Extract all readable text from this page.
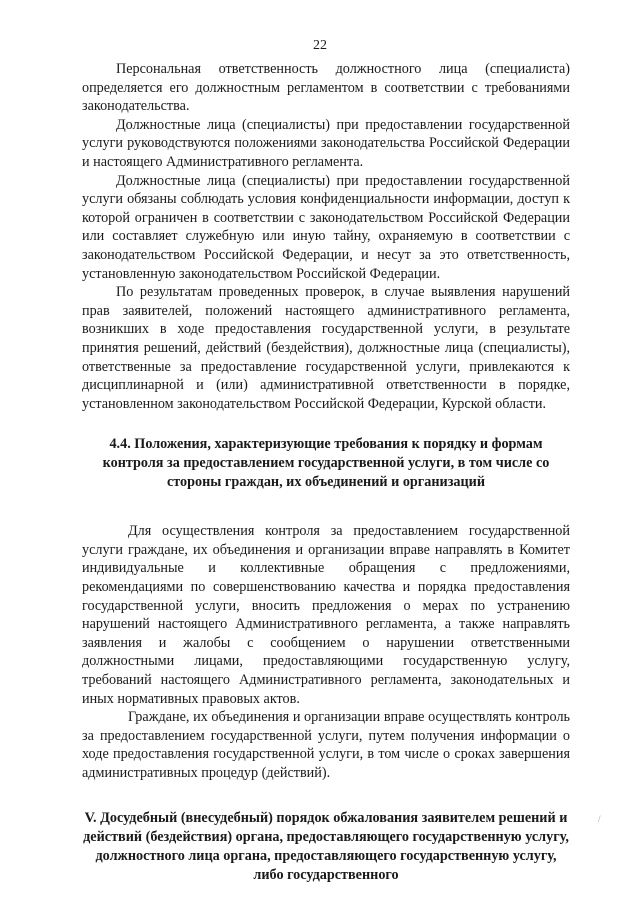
22

Персональная ответственность должностного лица (специалиста) определяется его должностным регламентом в соответствии с требованиями законодательства.

Должностные лица (специалисты) при предоставлении государственной услуги руководствуются положениями законодательства Российской Федерации и настоящего Административного регламента.

Должностные лица (специалисты) при предоставлении государственной услуги обязаны соблюдать условия конфиденциальности информации, доступ к которой ограничен в соответствии с законодательством Российской Федерации или составляет служебную или иную тайну, охраняемую в соответствии с законодательством Российской Федерации, и несут за это ответственность, установленную законодательством Российской Федерации.

По результатам проведенных проверок, в случае выявления нарушений прав заявителей, положений настоящего административного регламента, возникших в ходе предоставления государственной услуги, в результате принятия решений, действий (бездействия), должностные лица (специалисты), ответственные за предоставление государственной услуги, привлекаются к дисциплинарной и (или) административной ответственности в порядке, установленном законодательством Российской Федерации, Курской области.

4.4. Положения, характеризующие требования к порядку и формам контроля за предоставлением государственной услуги, в том числе со стороны граждан, их объединений и организаций

Для осуществления контроля за предоставлением государственной услуги граждане, их объединения и организации вправе направлять в Комитет индивидуальные и коллективные обращения с предложениями, рекомендациями по совершенствованию качества и порядка предоставления государственной услуги, вносить предложения о мерах по устранению нарушений настоящего Административного регламента, а также направлять заявления и жалобы с сообщением о нарушении ответственными должностными лицами, предоставляющими государственную услугу, требований настоящего Административного регламента, законодательных и иных нормативных правовых актов.

Граждане, их объединения и организации вправе осуществлять контроль за предоставлением государственной услуги, путем получения информации о ходе предоставления государственной услуги, в том числе о сроках завершения административных процедур (действий).

V. Досудебный (внесудебный) порядок обжалования заявителем решений и действий (бездействия) органа, предоставляющего государственную услугу, должностного лица органа, предоставляющего государственную услугу, либо государственного

/
